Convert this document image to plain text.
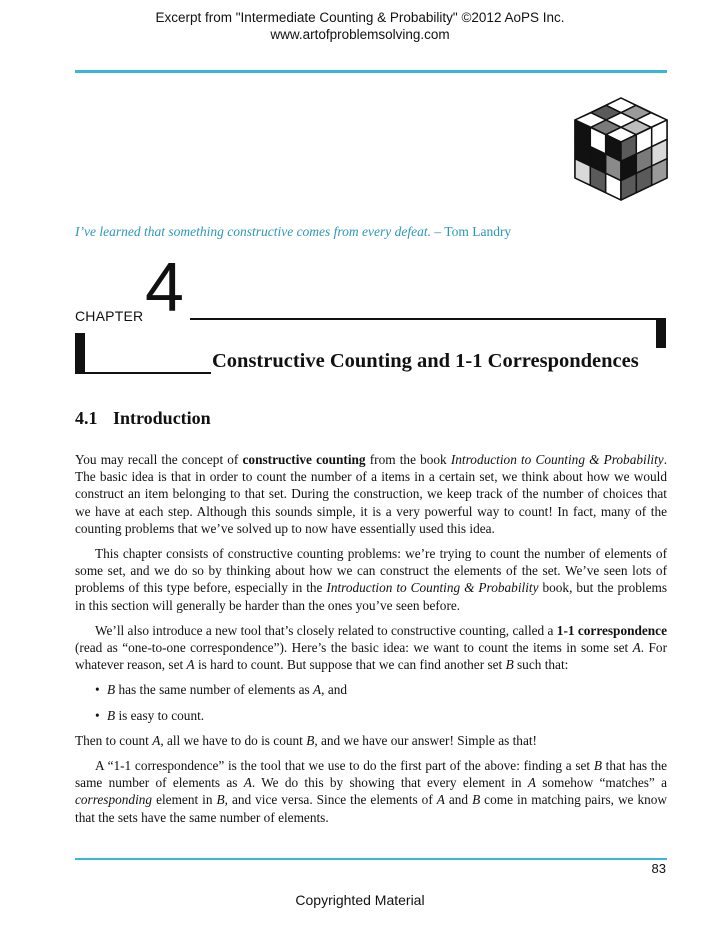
Excerpt from "Intermediate Counting & Probability" ©2012 AoPS Inc.
www.artofproblemsolving.com
I’ve learned that something constructive comes from every defeat. – Tom Landry
CHAPTER 4
Constructive Counting and 1-1 Correspondences
4.1 Introduction

You may recall the concept of constructive counting from the book Introduction to Counting & Probability. The basic idea is that in order to count the number of a items in a certain set, we think about how we would construct an item belonging to that set. During the construction, we keep track of the number of choices that we have at each step. Although this sounds simple, it is a very powerful way to count! In fact, many of the counting problems that we’ve solved up to now have essentially used this idea.

This chapter consists of constructive counting problems: we’re trying to count the number of elements of some set, and we do so by thinking about how we can construct the elements of the set. We’ve seen lots of problems of this type before, especially in the Introduction to Counting & Probability book, but the problems in this section will generally be harder than the ones you’ve seen before.

We’ll also introduce a new tool that’s closely related to constructive counting, called a 1-1 correspondence (read as “one-to-one correspondence”). Here’s the basic idea: we want to count the items in some set A. For whatever reason, set A is hard to count. But suppose that we can find another set B such that:

• B has the same number of elements as A, and
• B is easy to count.

Then to count A, all we have to do is count B, and we have our answer! Simple as that!

A “1-1 correspondence” is the tool that we use to do the first part of the above: finding a set B that has the same number of elements as A. We do this by showing that every element in A somehow “matches” a corresponding element in B, and vice versa. Since the elements of A and B come in matching pairs, we know that the sets have the same number of elements.

83
Copyrighted Material
